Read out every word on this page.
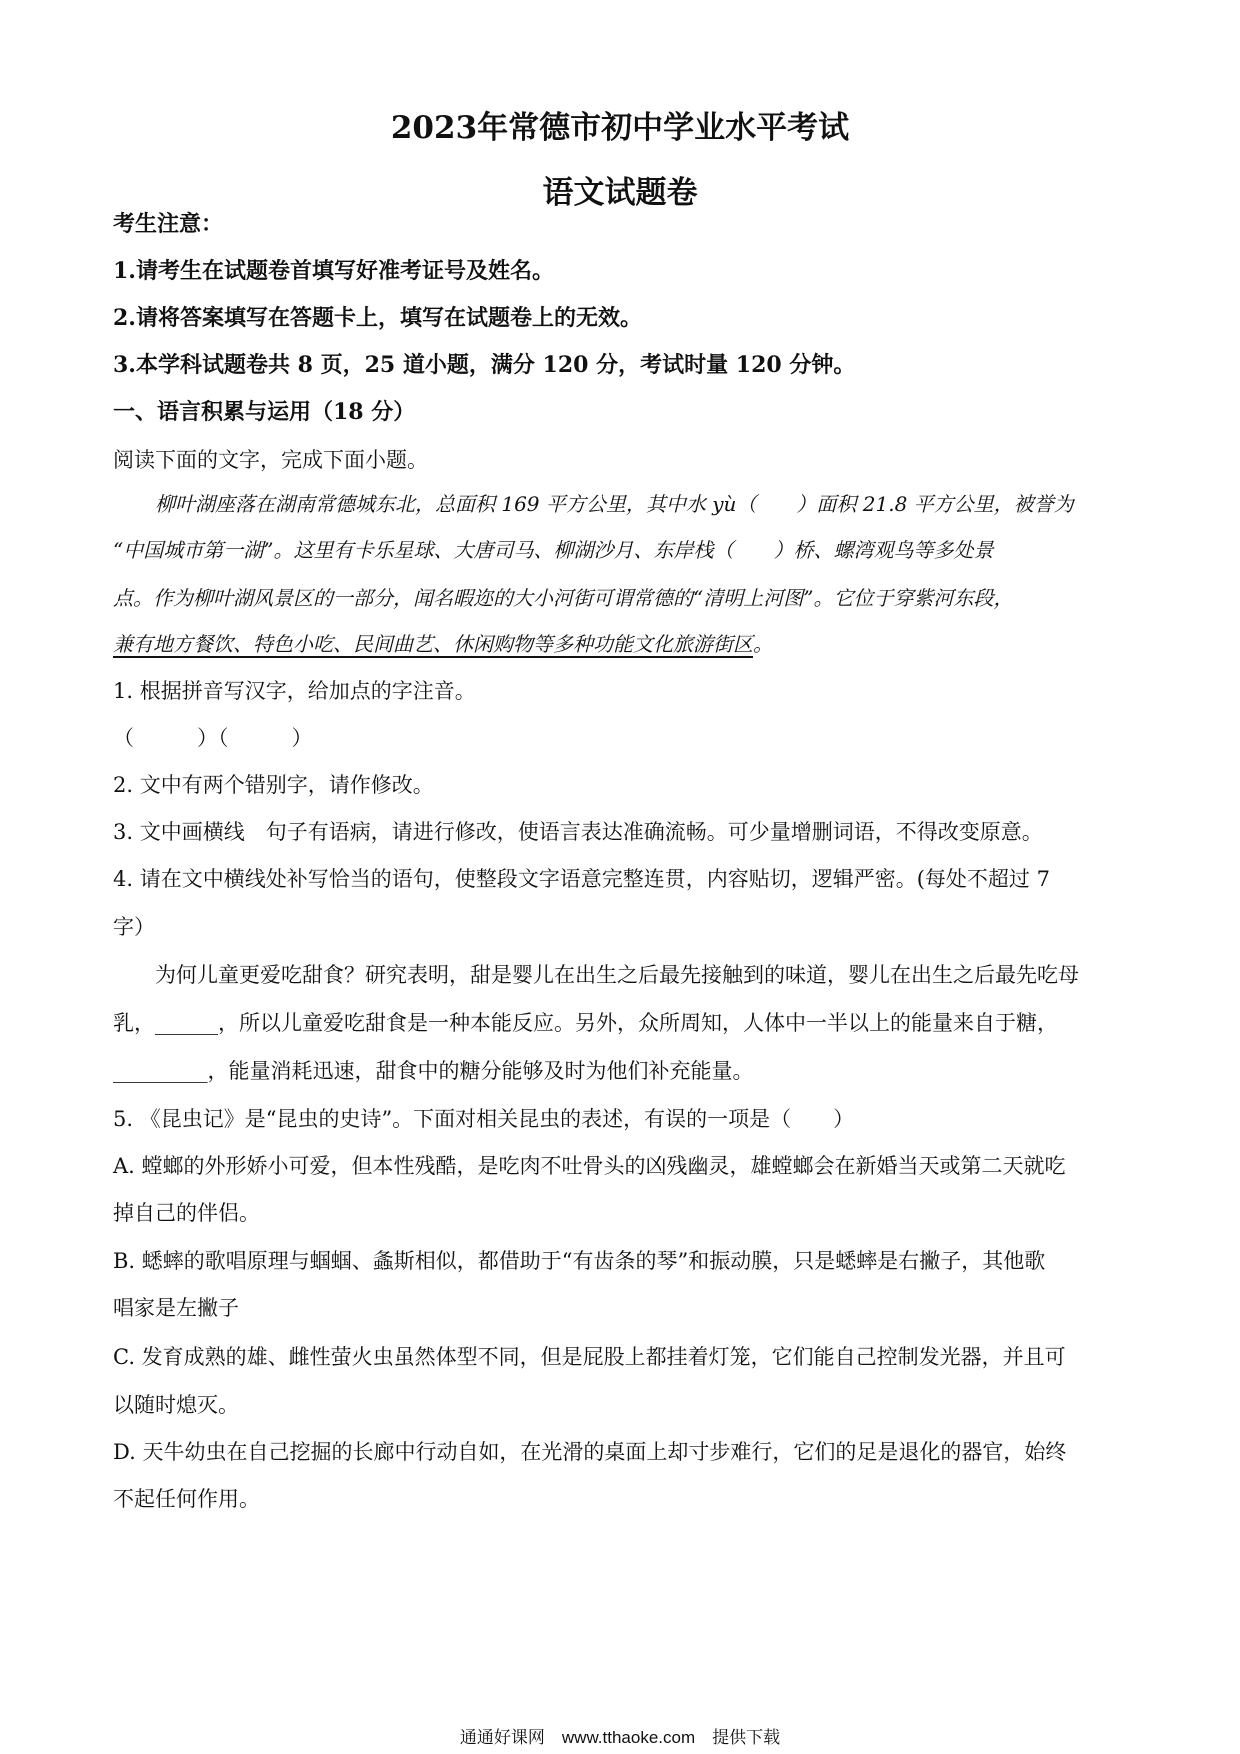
2023年常德市初中学业水平考试
语文试题卷
考生注意：
1.请考生在试题卷首填写好准考证号及姓名。
2.请将答案填写在答题卡上，填写在试题卷上的无效。
3.本学科试题卷共 8 页，25 道小题，满分 120 分，考试时量 120 分钟。
一、语言积累与运用（18 分）
阅读下面的文字，完成下面小题。
柳叶湖座落在湖南常德城东北，总面积 169 平方公里，其中水 yù（　　）面积 21.8 平方公里，被誉为
“中国城市第一湖”。这里有卡乐星球、大唐司马、柳湖沙月、东岸栈（　　）桥、螺湾观鸟等多处景
点。作为柳叶湖风景区的一部分，闻名暇迩的大小河街可谓常德的“清明上河图”。它位于穿紫河东段，
兼有地方餐饮、特色小吃、民间曲艺、休闲购物等多种功能文化旅游街区。
1. 根据拼音写汉字，给加点的字注音。
（　　　）（　　　）
2. 文中有两个错别字，请作修改。
3. 文中画横线　句子有语病，请进行修改，使语言表达准确流畅。可少量增删词语，不得改变原意。
4. 请在文中横线处补写恰当的语句，使整段文字语意完整连贯，内容贴切，逻辑严密。(每处不超过 7
字）
为何儿童更爱吃甜食？研究表明，甜是婴儿在出生之后最先接触到的味道，婴儿在出生之后最先吃母
乳，______，所以儿童爱吃甜食是一种本能反应。另外，众所周知，人体中一半以上的能量来自于糖，
_________，能量消耗迅速，甜食中的糖分能够及时为他们补充能量。
5. 《昆虫记》是“昆虫的史诗”。下面对相关昆虫的表述，有误的一项是（　　）
A. 螳螂的外形娇小可爱，但本性残酷，是吃肉不吐骨头的凶残幽灵，雄螳螂会在新婚当天或第二天就吃
掉自己的伴侣。
B. 蟋蟀的歌唱原理与蝈蝈、螽斯相似，都借助于“有齿条的琴”和振动膜，只是蟋蟀是右撇子，其他歌
唱家是左撇子
C. 发育成熟的雄、雌性萤火虫虽然体型不同，但是屁股上都挂着灯笼，它们能自己控制发光器，并且可
以随时熄灭。
D. 天牛幼虫在自己挖掘的长廊中行动自如，在光滑的桌面上却寸步难行，它们的足是退化的器官，始终
不起任何作用。
通通好课网　www.tthaoke.com　提供下载
